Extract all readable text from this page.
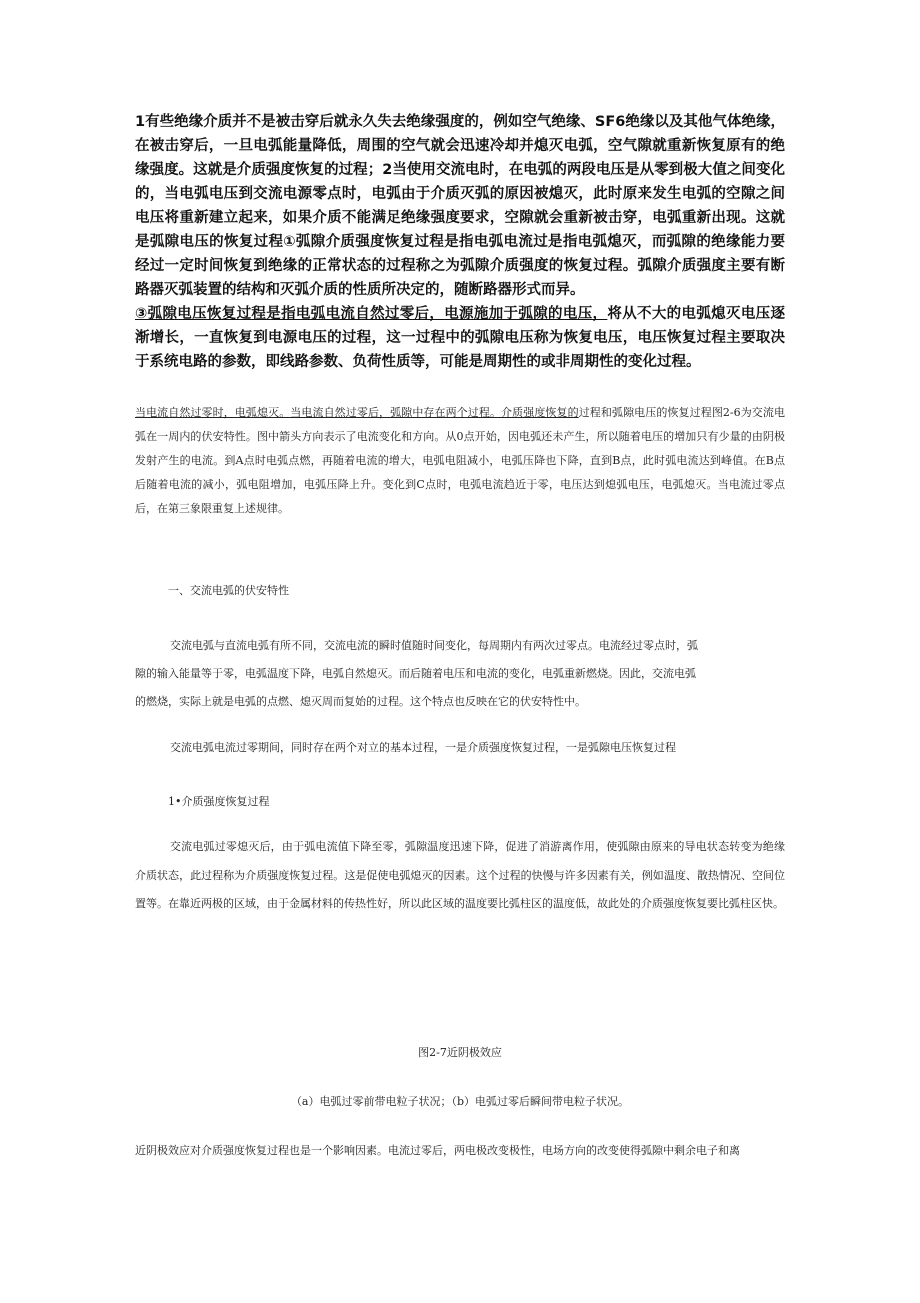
1有些绝缘介质并不是被击穿后就永久失去绝缘强度的，例如空气绝缘、SF6绝缘以及其他气体绝缘，在被击穿后，一旦电弧能量降低，周围的空气就会迅速冷却并熄灭电弧，空气隙就重新恢复原有的绝缘强度。这就是介质强度恢复的过程；2当使用交流电时，在电弧的两段电压是从零到极大值之间变化的，当电弧电压到交流电源零点时，电弧由于介质灭弧的原因被熄灭，此时原来发生电弧的空隙之间电压将重新建立起来，如果介质不能满足绝缘强度要求，空隙就会重新被击穿，电弧重新出现。这就是弧隙电压的恢复过程①弧隙介质强度恢复过程是指电弧电流过是指电弧熄灭，而弧隙的绝缘能力要经过一定时间恢复到绝缘的正常状态的过程称之为弧隙介质强度的恢复过程。弧隙介质强度主要有断路器灭弧装置的结构和灭弧介质的性质所决定的，随断路器形式而异。

③弧隙电压恢复过程是指电弧电流自然过零后，电源施加于弧隙的电压，将从不大的电弧熄灭电压逐渐增长，一直恢复到电源电压的过程，这一过程中的弧隙电压称为恢复电压，电压恢复过程主要取决于系统电路的参数，即线路参数、负荷性质等，可能是周期性的或非周期性的变化过程。

当电流自然过零时，电弧熄灭。当电流自然过零后，弧隙中存在两个过程。介质强度恢复的过程和弧隙电压的恢复过程图2-6为交流电弧在一周内的伏安特性。图中箭头方向表示了电流变化和方向。从0点开始，因电弧还未产生，所以随着电压的增加只有少量的由阴极发射产生的电流。到A点时电弧点燃，再随着电流的增大，电弧电阻减小，电弧压降也下降，直到B点，此时弧电流达到峰值。在B点后随着电流的减小，弧电阻增加，电弧压降上升。变化到C点时，电弧电流趋近于零，电压达到熄弧电压，电弧熄灭。当电流过零点后，在第三象限重复上述规律。

一、交流电弧的伏安特性

交流电弧与直流电弧有所不同，交流电流的瞬时值随时间变化，每周期内有两次过零点。电流经过零点时，弧

隙的输入能量等于零，电弧温度下降，电弧自然熄灭。而后随着电压和电流的变化，电弧重新燃烧。因此，交流电弧

的燃烧，实际上就是电弧的点燃、熄灭周而复始的过程。这个特点也反映在它的伏安特性中。

交流电弧电流过零期间，同时存在两个对立的基本过程，一是介质强度恢复过程，一是弧隙电压恢复过程

1•介质强度恢复过程

交流电弧过零熄灭后，由于弧电流值下降至零，弧隙温度迅速下降，促进了消游离作用，使弧隙由原来的导电状态转变为绝缘介质状态，此过程称为介质强度恢复过程。这是促使电弧熄灭的因素。这个过程的快慢与许多因素有关，例如温度、散热情况、空间位置等。在靠近两极的区域，由于金属材料的传热性好，所以此区域的温度要比弧柱区的温度低，故此处的介质强度恢复要比弧柱区快。

图2-7近阴极效应

（a）电弧过零前带电粒子状况；（b）电弧过零后瞬间带电粒子状况。

近阴极效应对介质强度恢复过程也是一个影响因素。电流过零后，两电极改变极性，电场方向的改变使得弧隙中剩余电子和离
